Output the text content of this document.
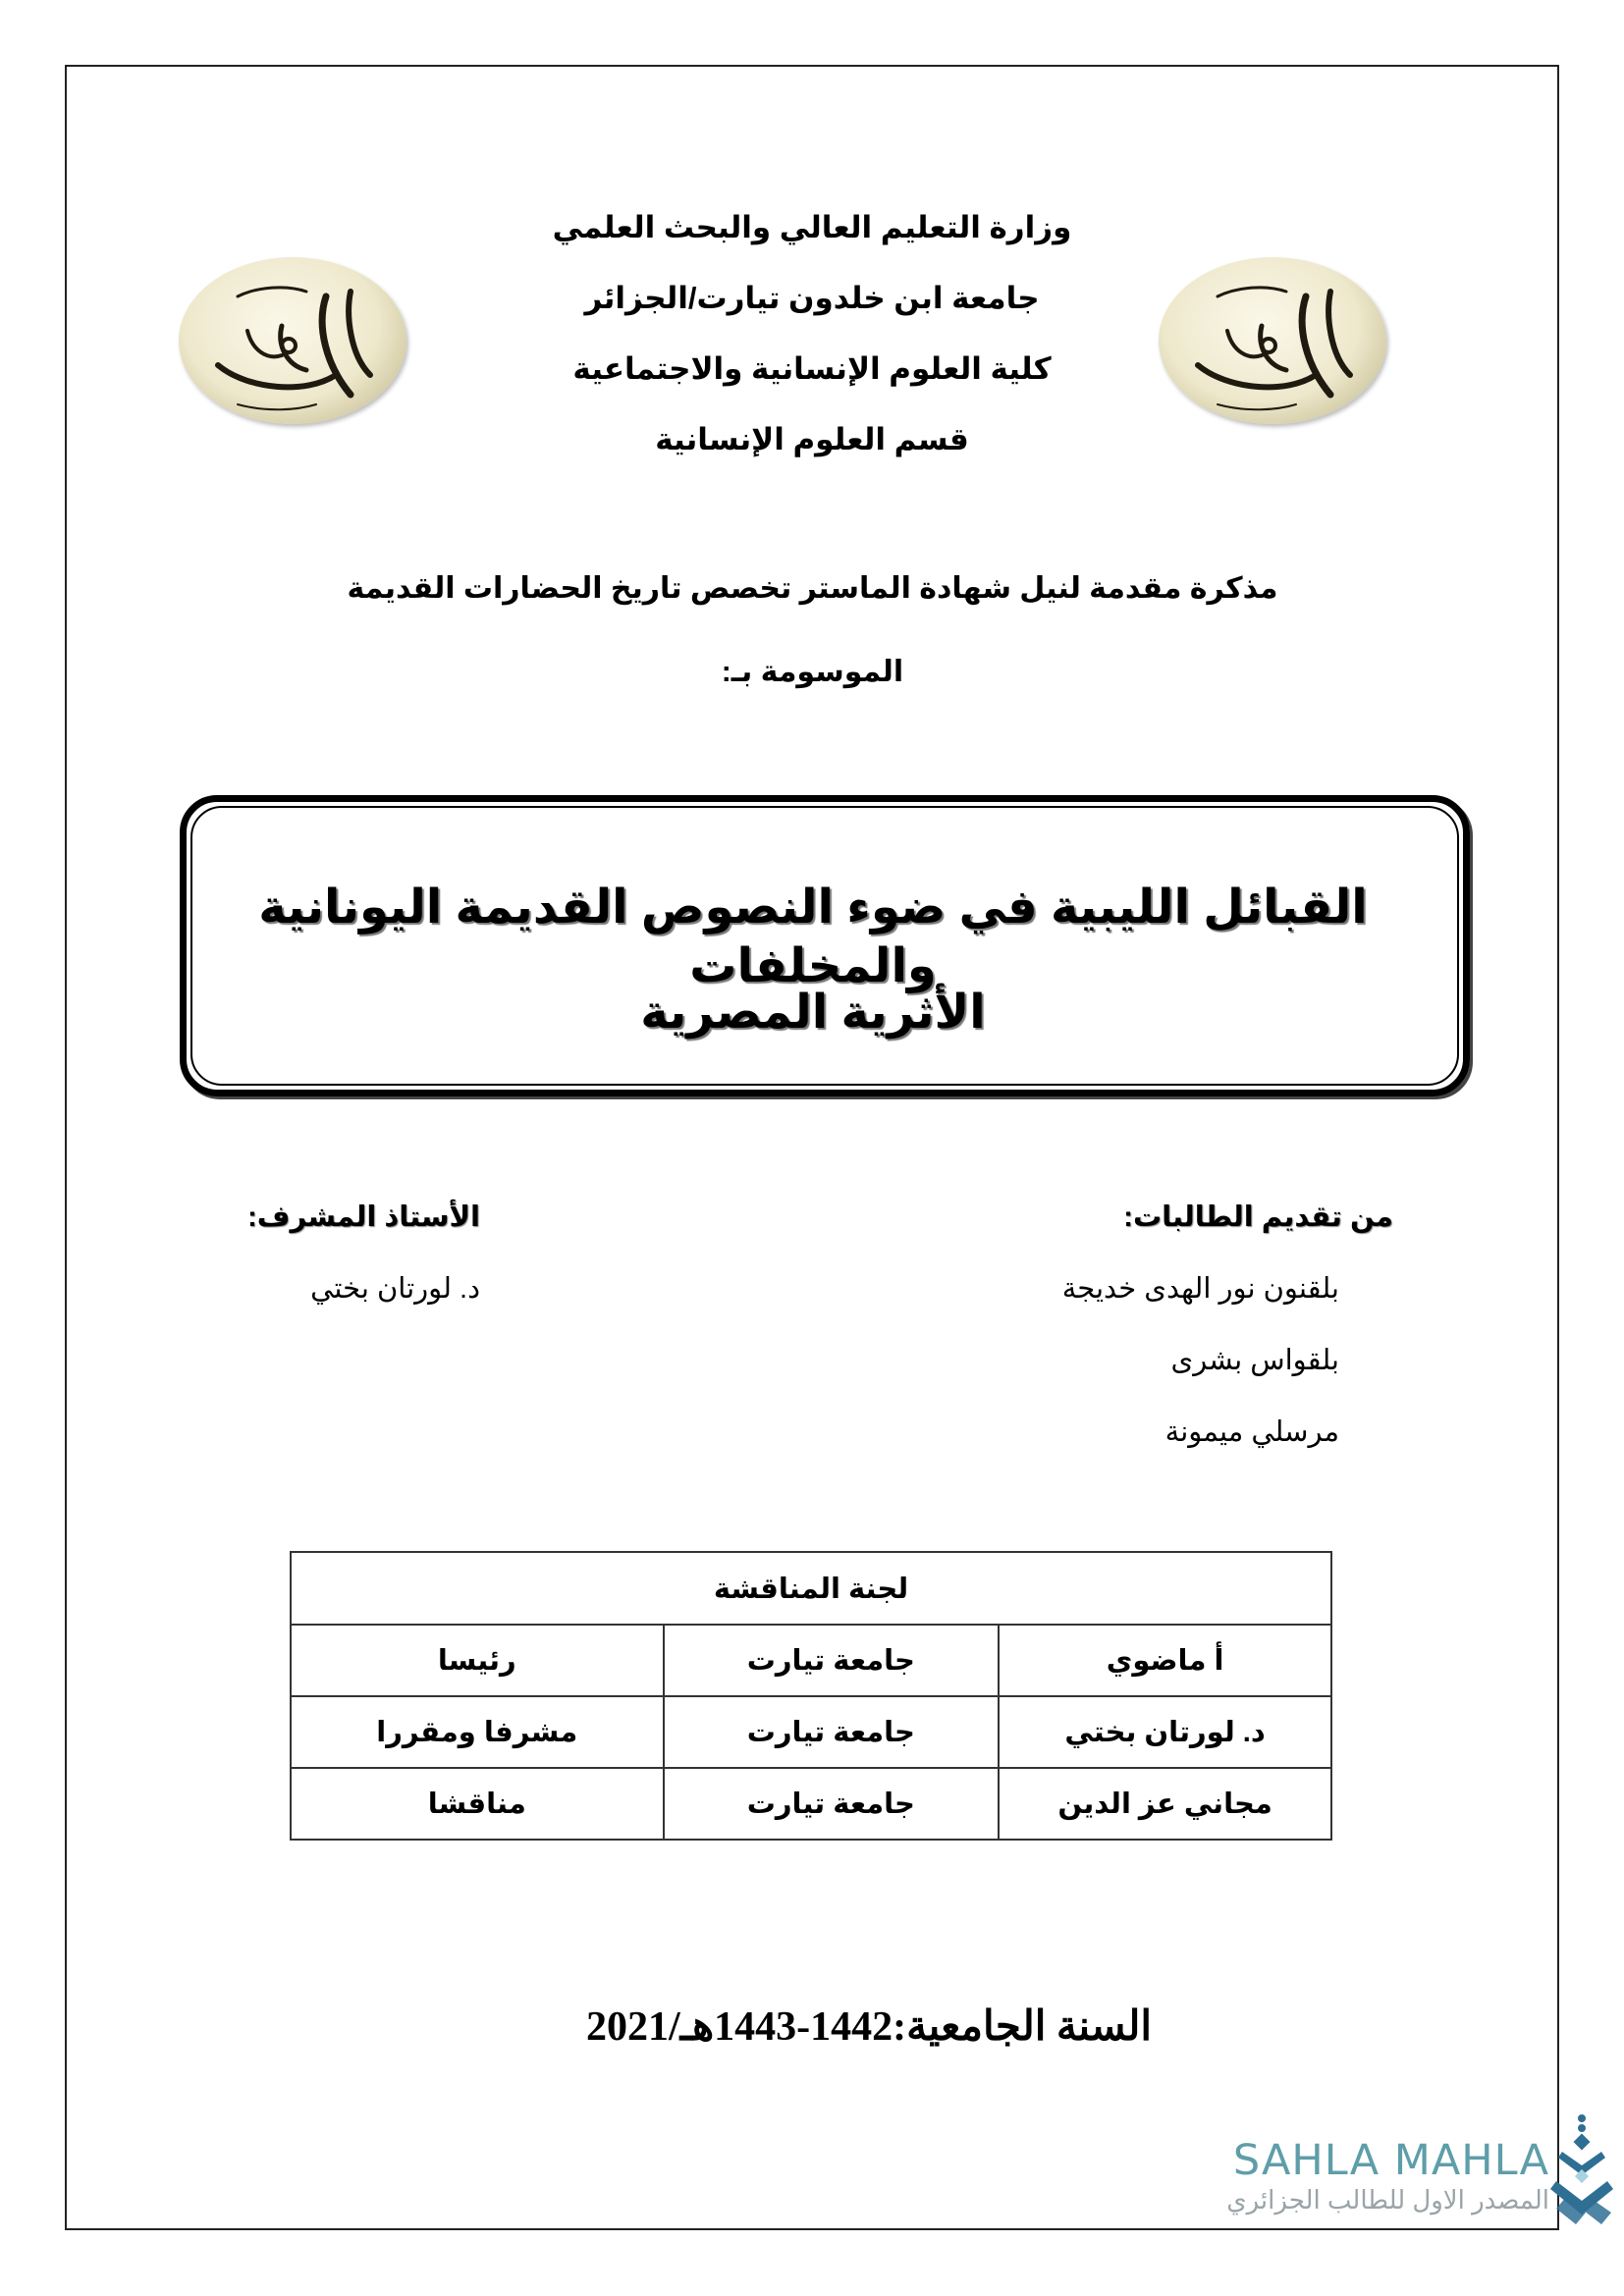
وزارة التعليم العالي والبحث العلمي
جامعة ابن خلدون تيارت/الجزائر
كلية العلوم الإنسانية والاجتماعية
قسم العلوم الإنسانية
مذكرة مقدمة لنيل شهادة الماستر تخصص تاريخ الحضارات القديمة
الموسومة بـ:
القبائل الليبية في ضوء النصوص القديمة اليونانية والمخلفات
الأثرية المصرية
من تقديم الطالبات:
بلقنون نور الهدى خديجة
بلقواس بشرى
مرسلي ميمونة
الأستاذ المشرف:
د. لورتان بختي
لجنة المناقشة		
أ ماضوي	جامعة تيارت	رئيسا
د. لورتان بختي	جامعة تيارت	مشرفا ومقررا
مجاني عز الدين	جامعة تيارت	مناقشا
السنة الجامعية:1442-1443هـ/2021
SAHLA MAHLA
المصدر الاول للطالب الجزائري
